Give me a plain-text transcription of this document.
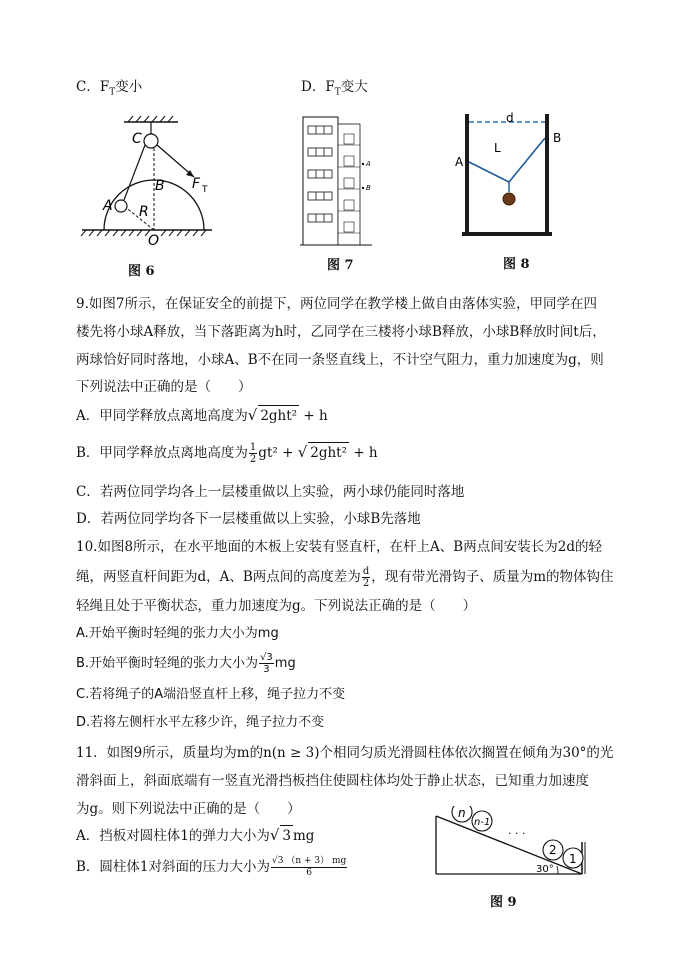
C．$F_T$变小	D．$F_T$变大
C
B
A R
O
F T
图 6
A
B
图 7
d
L
A
B
图 8
9.如图7所示，在保证安全的前提下，两位同学在教学楼上做自由落体实验，甲同学在四
楼先将小球A释放，当下落距离为h时，乙同学在三楼将小球B释放，小球B释放时间t后，
两球恰好同时落地，小球A、B不在同一条竖直线上，不计空气阻力，重力加速度为g，则
下列说法中正确的是（　　）
A．甲同学释放点离地高度为√ 2ght² + h
B．甲同学释放点离地高度为 $\frac{1}{2} gt^2$ + √ 2ght² + h
C．若两位同学均各上一层楼重做以上实验，两小球仍能同时落地
D．若两位同学均各下一层楼重做以上实验，小球B先落地
10.如图8所示，在水平地面的木板上安装有竖直杆，在杆上A、B两点间安装长为2d的轻
绳，两竖直杆间距为d，A、B两点间的高度差为 $\frac{d}{2}$ ，现有带光滑钩子、质量为m的物体钩住
轻绳且处于平衡状态，重力加速度为g。下列说法正确的是（　　）
A.开始平衡时轻绳的张力大小为mg
B.开始平衡时轻绳的张力大小为 $\frac{√3}{3}$ mg
C.若将绳子的A端沿竖直杆上移，绳子拉力不变
D.若将左侧杆水平左移少许，绳子拉力不变
11．如图9所示，质量均为m的n(n ≥ 3)个相同匀质光滑圆柱体依次搁置在倾角为30°的光
滑斜面上，斜面底端有一竖直光滑挡板挡住使圆柱体均处于静止状态，已知重力加速度
为g。则下列说法中正确的是（　　）
A．挡板对圆柱体1的弹力大小为√ 3 mg
B．圆柱体1对斜面的压力大小为 $\frac{√3 (n + 3) mg}{6}$
n
n-1
. . .
2
1
30°
图 9
